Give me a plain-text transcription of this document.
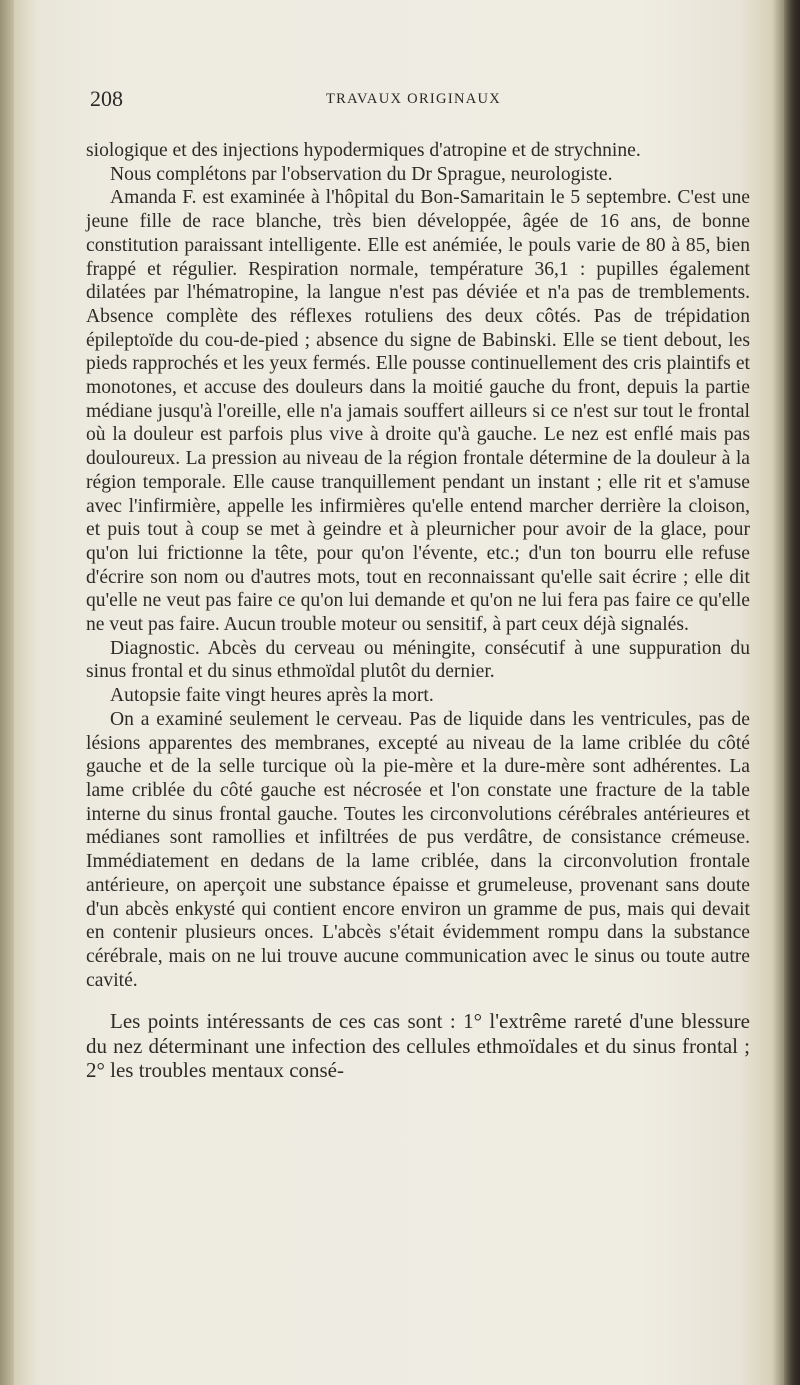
208	TRAVAUX ORIGINAUX

siologique et des injections hypodermiques d'atropine et de strychnine.

Nous complétons par l'observation du Dr Sprague, neurologiste.

Amanda F. est examinée à l'hôpital du Bon-Samaritain le 5 septembre. C'est une jeune fille de race blanche, très bien développée, âgée de 16 ans, de bonne constitution paraissant intelligente. Elle est anémiée, le pouls varie de 80 à 85, bien frappé et régulier. Respiration normale, température 36,1 : pupilles également dilatées par l'hématropine, la langue n'est pas déviée et n'a pas de tremblements. Absence complète des réflexes rotuliens des deux côtés. Pas de trépidation épileptoïde du cou-de-pied ; absence du signe de Babinski. Elle se tient debout, les pieds rapprochés et les yeux fermés. Elle pousse continuellement des cris plaintifs et monotones, et accuse des douleurs dans la moitié gauche du front, depuis la partie médiane jusqu'à l'oreille, elle n'a jamais souffert ailleurs si ce n'est sur tout le frontal où la douleur est parfois plus vive à droite qu'à gauche. Le nez est enflé mais pas douloureux. La pression au niveau de la région frontale détermine de la douleur à la région temporale. Elle cause tranquillement pendant un instant ; elle rit et s'amuse avec l'infirmière, appelle les infirmières qu'elle entend marcher derrière la cloison, et puis tout à coup se met à geindre et à pleurnicher pour avoir de la glace, pour qu'on lui frictionne la tête, pour qu'on l'évente, etc.; d'un ton bourru elle refuse d'écrire son nom ou d'autres mots, tout en reconnaissant qu'elle sait écrire ; elle dit qu'elle ne veut pas faire ce qu'on lui demande et qu'on ne lui fera pas faire ce qu'elle ne veut pas faire. Aucun trouble moteur ou sensitif, à part ceux déjà signalés.

Diagnostic. Abcès du cerveau ou méningite, consécutif à une suppuration du sinus frontal et du sinus ethmoïdal plutôt du dernier.

Autopsie faite vingt heures après la mort.

On a examiné seulement le cerveau. Pas de liquide dans les ventricules, pas de lésions apparentes des membranes, excepté au niveau de la lame criblée du côté gauche et de la selle turcique où la pie-mère et la dure-mère sont adhérentes. La lame criblée du côté gauche est nécrosée et l'on constate une fracture de la table interne du sinus frontal gauche. Toutes les circonvolutions cérébrales antérieures et médianes sont ramollies et infiltrées de pus verdâtre, de consistance crémeuse. Immédiatement en dedans de la lame criblée, dans la circonvolution frontale antérieure, on aperçoit une substance épaisse et grumeleuse, provenant sans doute d'un abcès enkysté qui contient encore environ un gramme de pus, mais qui devait en contenir plusieurs onces. L'abcès s'était évidemment rompu dans la substance cérébrale, mais on ne lui trouve aucune communication avec le sinus ou toute autre cavité.

Les points intéressants de ces cas sont : 1° l'extrême rareté d'une blessure du nez déterminant une infection des cellules ethmoïdales et du sinus frontal ; 2° les troubles mentaux consé-
